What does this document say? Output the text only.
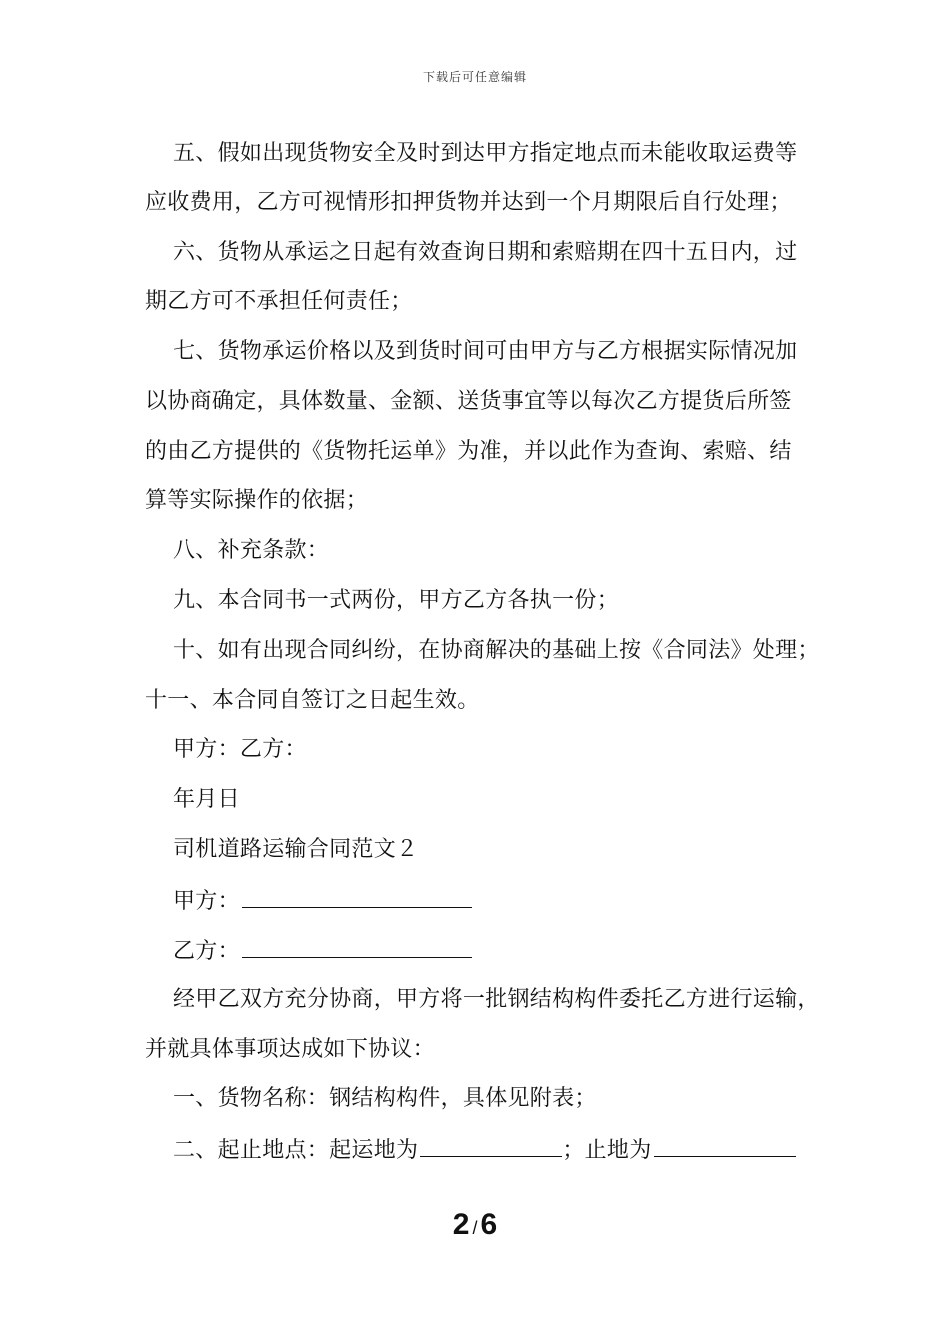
下载后可任意编辑
五、假如出现货物安全及时到达甲方指定地点而未能收取运费等
应收费用，乙方可视情形扣押货物并达到一个月期限后自行处理；
六、货物从承运之日起有效查询日期和索赔期在四十五日内，过
期乙方可不承担任何责任；
七、货物承运价格以及到货时间可由甲方与乙方根据实际情况加
以协商确定，具体数量、金额、送货事宜等以每次乙方提货后所签
的由乙方提供的《货物托运单》为准，并以此作为查询、索赔、结
算等实际操作的依据；
八、补充条款：
九、本合同书一式两份，甲方乙方各执一份；
十、如有出现合同纠纷，在协商解决的基础上按《合同法》处理；
十一、本合同自签订之日起生效。
甲方：乙方：
年月日
司机道路运输合同范文２
甲方：
乙方：
经甲乙双方充分协商，甲方将一批钢结构构件委托乙方进行运输，
并就具体事项达成如下协议：
一、货物名称：钢结构构件，具体见附表；
二、起止地点：起运地为	；止地为
2 / 6
